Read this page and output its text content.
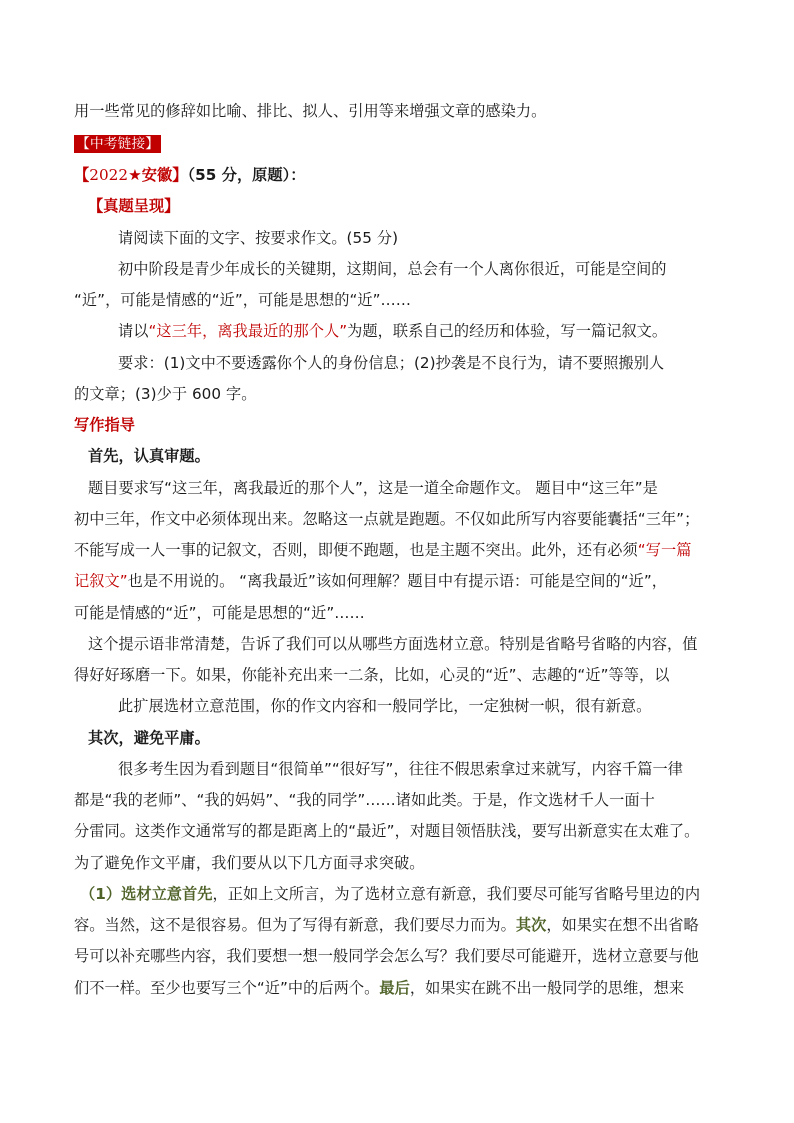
用一些常见的修辞如比喻、排比、拟人、引用等来增强文章的感染力。
【中考链接】
【2022★安徽】（55 分，原题）：
【真题呈现】
请阅读下面的文字、按要求作文。(55 分)
初中阶段是青少年成长的关键期，这期间，总会有一个人离你很近，可能是空间的
“近”，可能是情感的“近”，可能是思想的“近”……
请以“这三年，离我最近的那个人”为题，联系自己的经历和体验，写一篇记叙文。
要求：(1)文中不要透露你个人的身份信息；(2)抄袭是不良行为，请不要照搬别人
的文章；(3)少于 600 字。
写作指导
首先，认真审题。
题目要求写“这三年，离我最近的那个人”，这是一道全命题作文。 题目中“这三年”是
初中三年，作文中必须体现出来。忽略这一点就是跑题。不仅如此所写内容要能囊括“三年”；
不能写成一人一事的记叙文，否则，即便不跑题，也是主题不突出。此外，还有必须“写一篇
记叙文”也是不用说的。 “离我最近”该如何理解？题目中有提示语：可能是空间的“近”，
可能是情感的“近”，可能是思想的“近”……
这个提示语非常清楚，告诉了我们可以从哪些方面选材立意。特别是省略号省略的内容，值
得好好琢磨一下。如果，你能补充出来一二条，比如，心灵的“近”、志趣的“近”等等，以
此扩展选材立意范围，你的作文内容和一般同学比，一定独树一帜，很有新意。
其次，避免平庸。
很多考生因为看到题目“很简单”“很好写”，往往不假思索拿过来就写，内容千篇一律
都是“我的老师”、“我的妈妈”、“我的同学”……诸如此类。于是，作文选材千人一面十
分雷同。这类作文通常写的都是距离上的“最近”，对题目领悟肤浅，要写出新意实在太难了。
为了避免作文平庸，我们要从以下几方面寻求突破。
（1）选材立意首先，正如上文所言，为了选材立意有新意，我们要尽可能写省略号里边的内
容。当然，这不是很容易。但为了写得有新意，我们要尽力而为。其次，如果实在想不出省略
号可以补充哪些内容，我们要想一想一般同学会怎么写？我们要尽可能避开，选材立意要与他
们不一样。至少也要写三个“近”中的后两个。最后，如果实在跳不出一般同学的思维，想来
